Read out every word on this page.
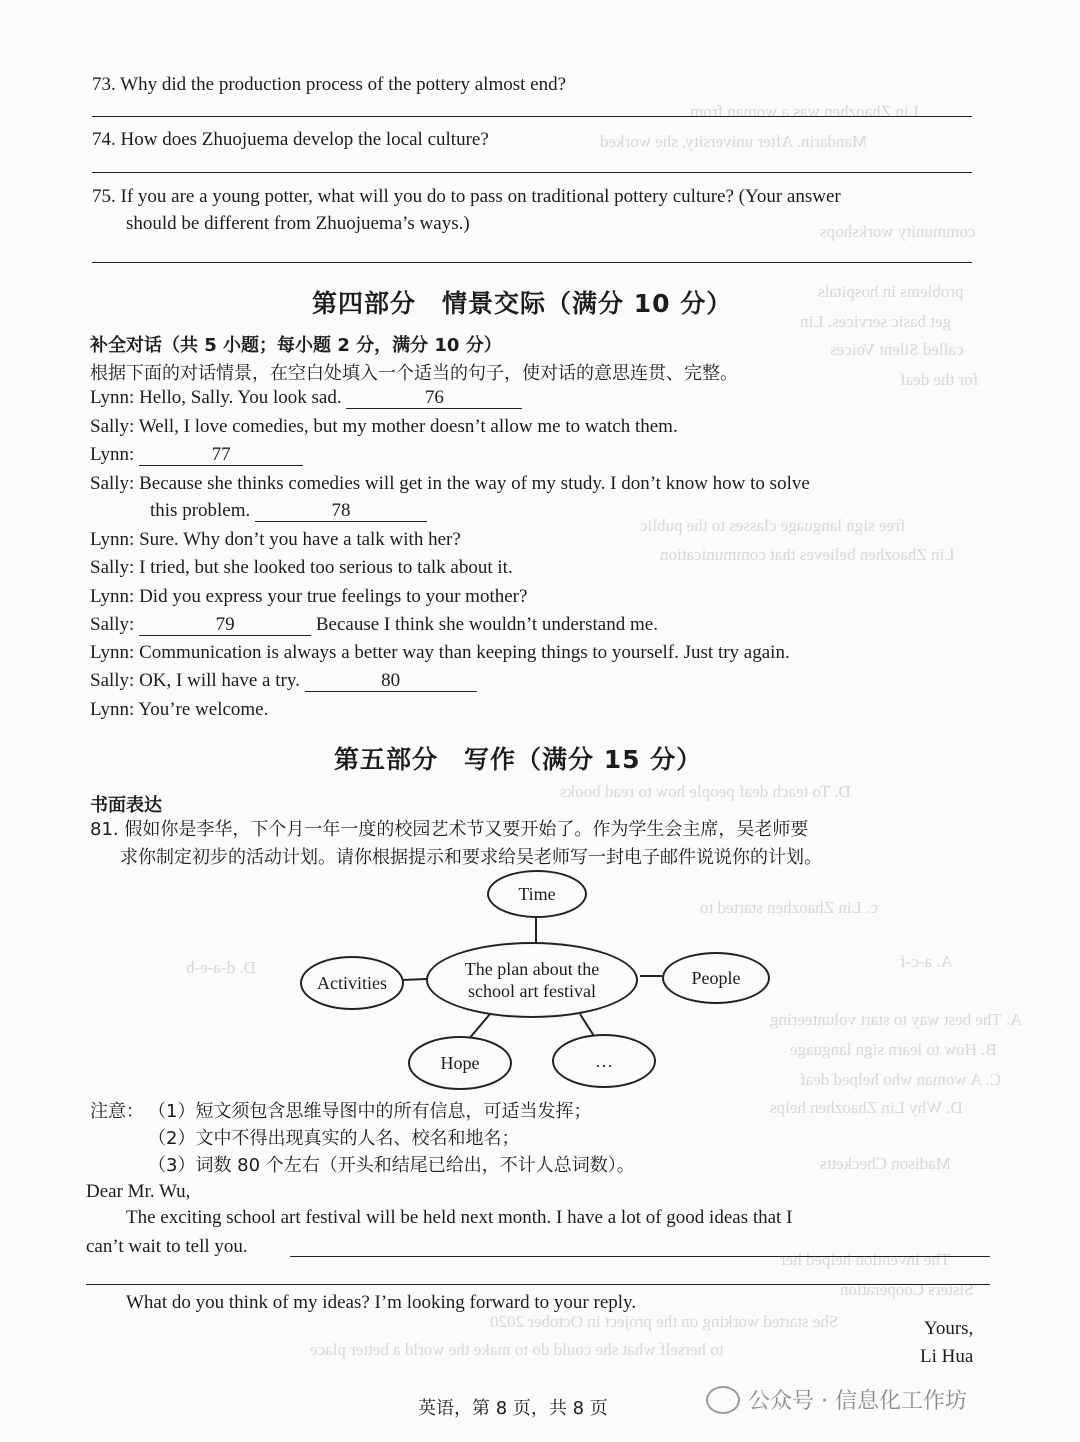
Lin Zhaozhen was a woman from
Mandarin. After university, she worked
community workshops
problems in hospitals
get basic services. Lin
called Silent Voices
for the deaf
free sign language classes to the public
Lin Zhaozhen believes that communication
D. To teach deaf people how to read books
c. Lin Zhaozhen started to
A. a-c-f
D. d-a-e-b
A. The best way to start volunteering
B. How to learn sign language
C. A woman who helped deaf
D. Why Lin Zhaozhen helps
Madison Checketts
The invention helped her
Sisters Cooperation
She started working on the project in October 2020
to herself what she could do to make the world a better place
73. Why did the production process of the pottery almost end?
74. How does Zhuojuema develop the local culture?
75. If you are a young potter, what will you do to pass on traditional pottery culture? (Your answer
should be different from Zhuojuema’s ways.)
第四部分　情景交际（满分 10 分）
补全对话（共 5 小题；每小题 2 分，满分 10 分）
根据下面的对话情景，在空白处填入一个适当的句子，使对话的意思连贯、完整。
Lynn: Hello, Sally. You look sad.	76
Sally: Well, I love comedies, but my mother doesn’t allow me to watch them.
Lynn:	77
Sally: Because she thinks comedies will get in the way of my study. I don’t know how to solve
this problem.	78
Lynn: Sure. Why don’t you have a talk with her?
Sally: I tried, but she looked too serious to talk about it.
Lynn: Did you express your true feelings to your mother?
Sally:	79	Because I think she wouldn’t understand me.
Lynn: Communication is always a better way than keeping things to yourself. Just try again.
Sally: OK, I will have a try.	80
Lynn: You’re welcome.
第五部分　写作（满分 15 分）
书面表达
81. 假如你是李华，下个月一年一度的校园艺术节又要开始了。作为学生会主席，吴老师要
求你制定初步的活动计划。请你根据提示和要求给吴老师写一封电子邮件说说你的计划。
Time
Activities
The plan about the school art festival
People
Hope	…
注意： （1）短文须包含思维导图中的所有信息，可适当发挥；
（2）文中不得出现真实的人名、校名和地名；
（3）词数 80 个左右（开头和结尾已给出，不计人总词数）。
Dear Mr. Wu,
The exciting school art festival will be held next month. I have a lot of good ideas that I
can’t wait to tell you.
What do you think of my ideas? I’m looking forward to your reply.
Yours,
Li Hua
英语，第 8 页，共 8 页	公众号 · 信息化工作坊
